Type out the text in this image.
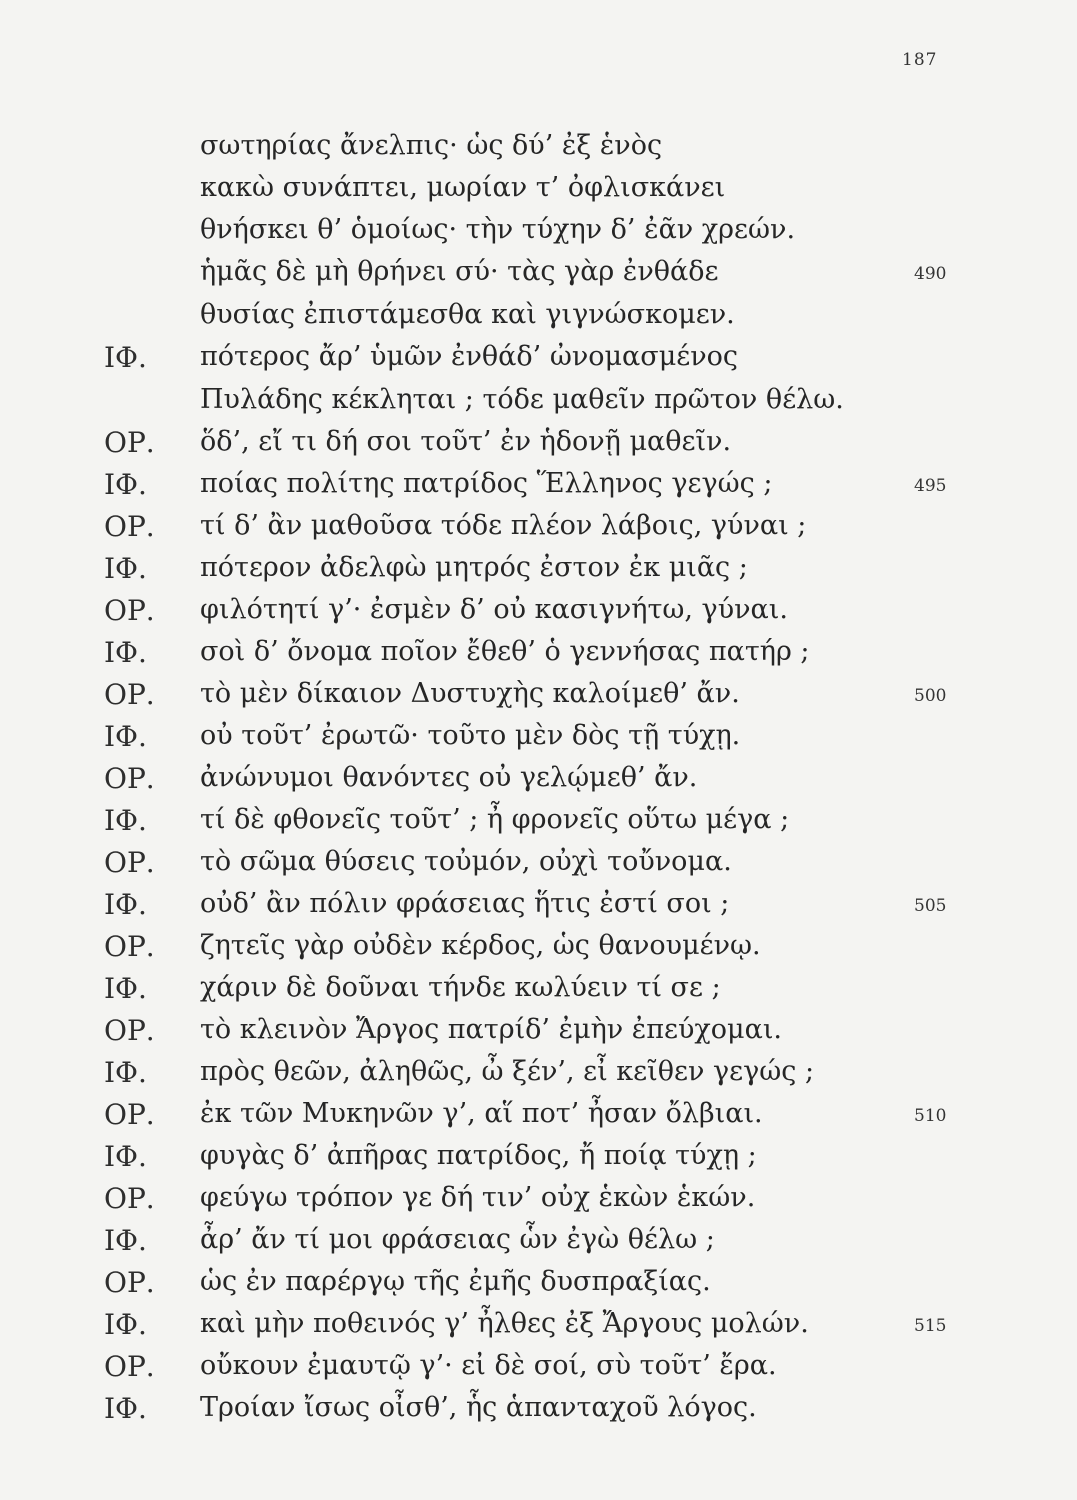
187
σωτηρίας ἄνελπις· ὡς δύ’ ἐξ ἑνὸς
κακὼ συνάπτει, μωρίαν τ’ ὀφλισκάνει
θνήσκει θ’ ὁμοίως· τὴν τύχην δ’ ἐᾶν χρεών.
ἡμᾶς δὲ μὴ θρήνει σύ· τὰς γὰρ ἐνθάδε	490
θυσίας ἐπιστάμεσθα καὶ γιγνώσκομεν.
ΙΦ. πότερος ἄρ’ ὑμῶν ἐνθάδ’ ὠνομασμένος
Πυλάδης κέκληται ; τόδε μαθεῖν πρῶτον θέλω.
ΟΡ. ὅδ’, εἴ τι δή σοι τοῦτ’ ἐν ἡδονῇ μαθεῖν.
ΙΦ. ποίας πολίτης πατρίδος Ἕλληνος γεγώς ;	495
ΟΡ. τί δ’ ἂν μαθοῦσα τόδε πλέον λάβοις, γύναι ;
ΙΦ. πότερον ἀδελφὼ μητρός ἐστον ἐκ μιᾶς ;
ΟΡ. φιλότητί γ’· ἐσμὲν δ’ οὐ κασιγνήτω, γύναι.
ΙΦ. σοὶ δ’ ὄνομα ποῖον ἔθεθ’ ὁ γεννήσας πατήρ ;
ΟΡ. τὸ μὲν δίκαιον Δυστυχὴς καλοίμεθ’ ἄν.	500
ΙΦ. οὐ τοῦτ’ ἐρωτῶ· τοῦτο μὲν δὸς τῇ τύχῃ.
ΟΡ. ἀνώνυμοι θανόντες οὐ γελῴμεθ’ ἄν.
ΙΦ. τί δὲ φθονεῖς τοῦτ’ ; ἦ φρονεῖς οὕτω μέγα ;
ΟΡ. τὸ σῶμα θύσεις τοὐμόν, οὐχὶ τοὔνομα.
ΙΦ. οὐδ’ ἂν πόλιν φράσειας ἥτις ἐστί σοι ;	505
ΟΡ. ζητεῖς γὰρ οὐδὲν κέρδος, ὡς θανουμένῳ.
ΙΦ. χάριν δὲ δοῦναι τήνδε κωλύειν τί σε ;
ΟΡ. τὸ κλεινὸν Ἄργος πατρίδ’ ἐμὴν ἐπεύχομαι.
ΙΦ. πρὸς θεῶν, ἀληθῶς, ὦ ξέν’, εἶ κεῖθεν γεγώς ;
ΟΡ. ἐκ τῶν Μυκηνῶν γ’, αἵ ποτ’ ἦσαν ὄλβιαι.	510
ΙΦ. φυγὰς δ’ ἀπῆρας πατρίδος, ἤ ποίᾳ τύχῃ ;
ΟΡ. φεύγω τρόπον γε δή τιν’ οὐχ ἑκὼν ἑκών.
ΙΦ. ἆρ’ ἄν τί μοι φράσειας ὧν ἐγὼ θέλω ;
ΟΡ. ὡς ἐν παρέργῳ τῆς ἐμῆς δυσπραξίας.
ΙΦ. καὶ μὴν ποθεινός γ’ ἦλθες ἐξ Ἄργους μολών.	515
ΟΡ. οὔκουν ἐμαυτῷ γ’· εἰ δὲ σοί, σὺ τοῦτ’ ἔρα.
ΙΦ. Τροίαν ἴσως οἶσθ’, ἧς ἁπανταχοῦ λόγος.
